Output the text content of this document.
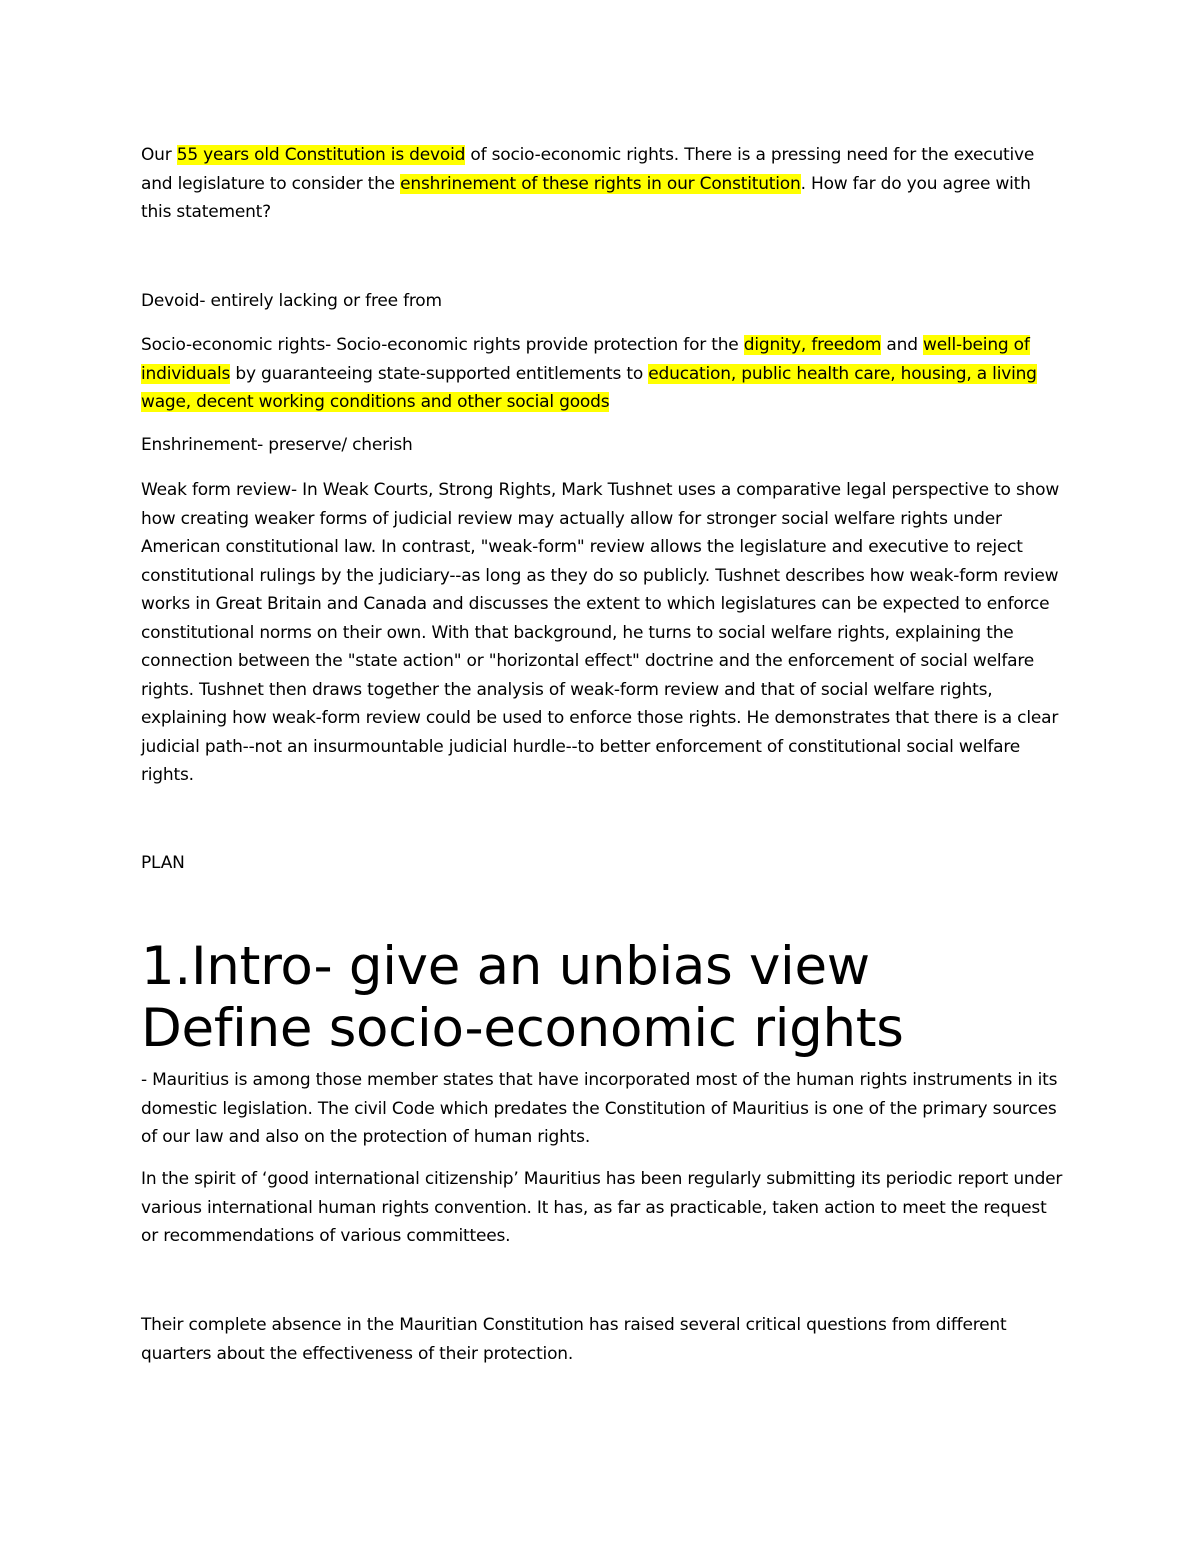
Our 55 years old Constitution is devoid of socio-economic rights. There is a pressing need for the executive and legislature to consider the enshrinement of these rights in our Constitution. How far do you agree with this statement?

Devoid- entirely lacking or free from

Socio-economic rights- Socio-economic rights provide protection for the dignity, freedom and well-being of individuals by guaranteeing state-supported entitlements to education, public health care, housing, a living wage, decent working conditions and other social goods

Enshrinement- preserve/ cherish

Weak form review- In Weak Courts, Strong Rights, Mark Tushnet uses a comparative legal perspective to show how creating weaker forms of judicial review may actually allow for stronger social welfare rights under American constitutional law. In contrast, "weak-form" review allows the legislature and executive to reject constitutional rulings by the judiciary--as long as they do so publicly. Tushnet describes how weak-form review works in Great Britain and Canada and discusses the extent to which legislatures can be expected to enforce constitutional norms on their own. With that background, he turns to social welfare rights, explaining the connection between the "state action" or "horizontal effect" doctrine and the enforcement of social welfare rights. Tushnet then draws together the analysis of weak-form review and that of social welfare rights, explaining how weak-form review could be used to enforce those rights. He demonstrates that there is a clear judicial path--not an insurmountable judicial hurdle--to better enforcement of constitutional social welfare rights.

PLAN

1.Intro- give an unbias view
Define socio-economic rights

- Mauritius is among those member states that have incorporated most of the human rights instruments in its domestic legislation. The civil Code which predates the Constitution of Mauritius is one of the primary sources of our law and also on the protection of human rights.

In the spirit of ‘good international citizenship’ Mauritius has been regularly submitting its periodic report under various international human rights convention. It has, as far as practicable, taken action to meet the request or recommendations of various committees.

Their complete absence in the Mauritian Constitution has raised several critical questions from different quarters about the effectiveness of their protection.
